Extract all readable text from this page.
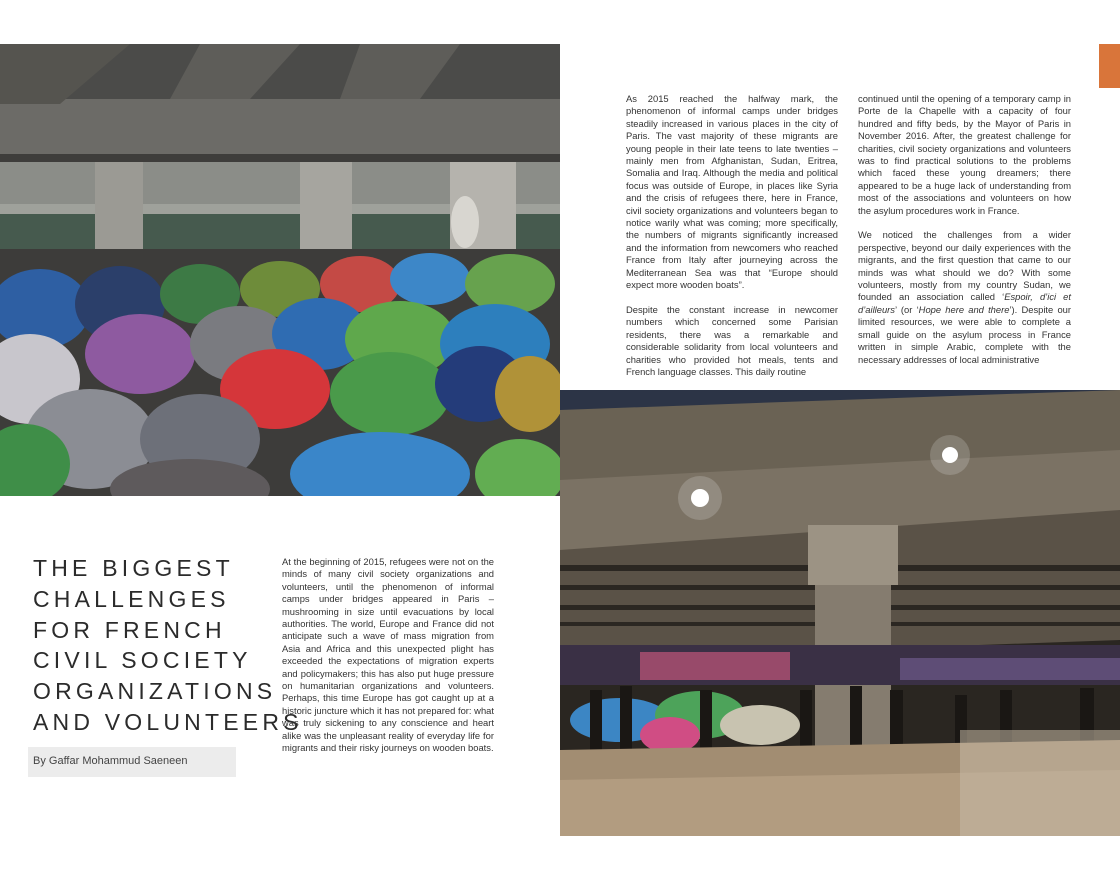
As 2015 reached the halfway mark, the phenomenon of informal camps under bridges steadily increased in various places in the city of Paris. The vast majority of these migrants are young people in their late teens to late twenties – mainly men from Afghanistan, Sudan, Eritrea, Somalia and Iraq. Although the media and political focus was outside of Europe, in places like Syria and the crisis of refugees there, here in France, civil society organizations and volunteers began to notice warily what was coming; more specifically, the numbers of migrants significantly increased and the information from newcomers who reached France from Italy after journeying across the Mediterranean Sea was that “Europe should expect more wooden boats”.

Despite the constant increase in newcomer numbers which concerned some Parisian residents, there was a remarkable and considerable solidarity from local volunteers and charities who provided hot meals, tents and French language classes. This daily routine

continued until the opening of a temporary camp in Porte de la Chapelle with a capacity of four hundred and fifty beds, by the Mayor of Paris in November 2016. After, the greatest challenge for charities, civil society organizations and volunteers was to find practical solutions to the problems which faced these young dreamers; there appeared to be a huge lack of understanding from most of the associations and volunteers on how the asylum procedures work in France.

We noticed the challenges from a wider perspective, beyond our daily experiences with the migrants, and the first question that came to our minds was what should we do? With some volunteers, mostly from my country Sudan, we founded an association called ‘Espoir, d’ici et d’ailleurs’ (or ‘Hope here and there’). Despite our limited resources, we were able to complete a small guide on the asylum process in France written in simple Arabic, complete with the necessary addresses of local administrative

THE BIGGEST
CHALLENGES
FOR FRENCH
CIVIL SOCIETY
ORGANIZATIONS
AND VOLUNTEERS
By Gaffar Mohammud Saeneen

At the beginning of 2015, refugees were not on the minds of many civil society organizations and volunteers, until the phenomenon of informal camps under bridges appeared in Paris – mushrooming in size until evacuations by local authorities. The world, Europe and France did not anticipate such a wave of mass migration from Asia and Africa and this unexpected plight has exceeded the expectations of migration experts and policymakers; this has also put huge pressure on humanitarian organizations and volunteers. Perhaps, this time Europe has got caught up at a historic juncture which it has not prepared for: what was truly sickening to any conscience and heart alike was the unpleasant reality of everyday life for migrants and their risky journeys on wooden boats.
